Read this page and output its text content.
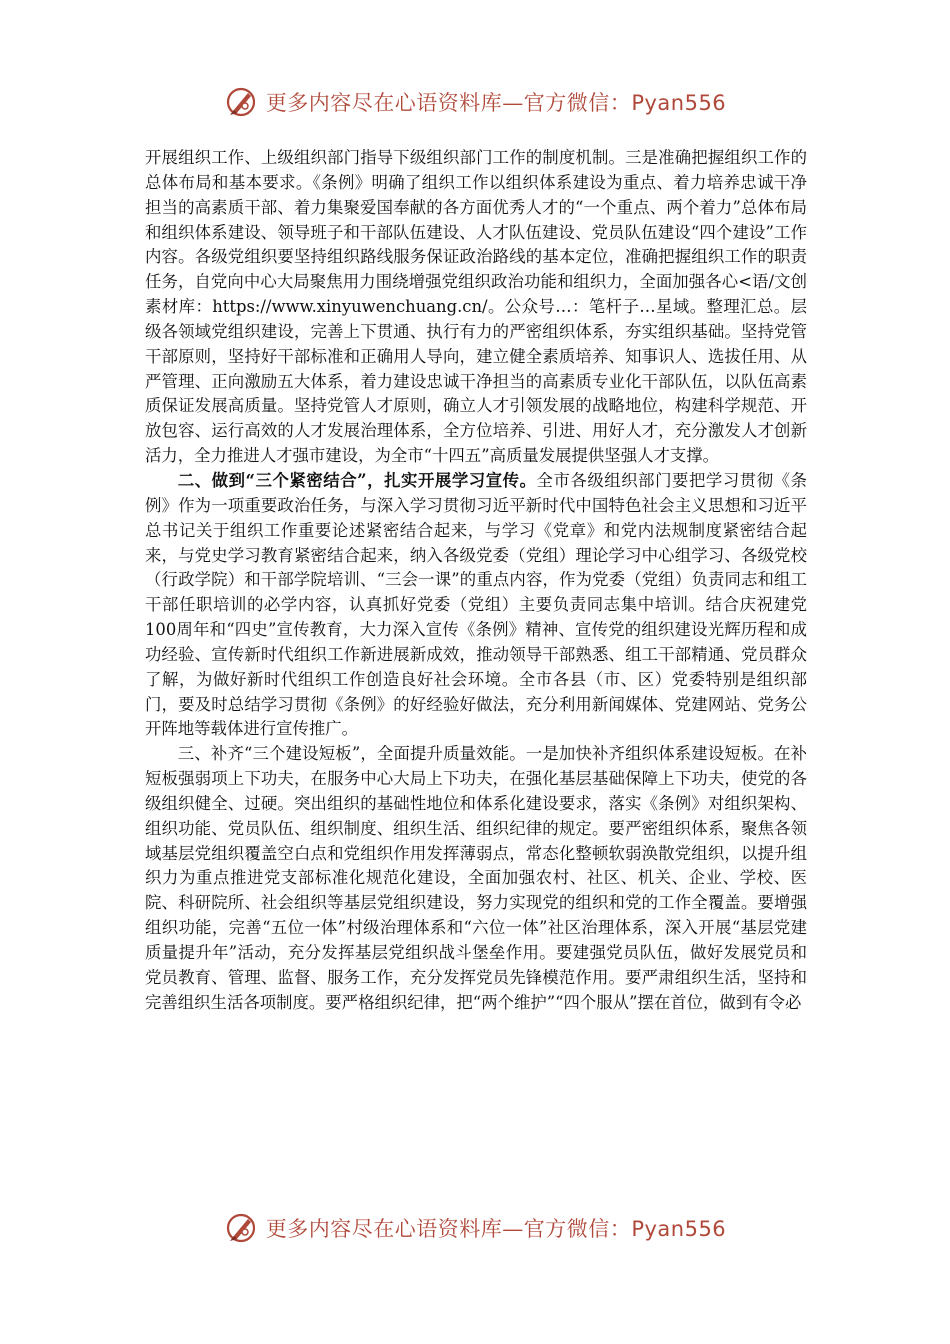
更多内容尽在心语资料库—官方微信：Pyan556

开展组织工作、上级组织部门指导下级组织部门工作的制度机制。三是准确把握组织工作的总体布局和基本要求。《条例》明确了组织工作以组织体系建设为重点、着力培养忠诚干净担当的高素质干部、着力集聚爱国奉献的各方面优秀人才的“一个重点、两个着力”总体布局和组织体系建设、领导班子和干部队伍建设、人才队伍建设、党员队伍建设“四个建设”工作内容。各级党组织要坚持组织路线服务保证政治路线的基本定位，准确把握组织工作的职责任务，自党向中心大局聚焦用力围绕增强党组织政治功能和组织力，全面加强各心<语/文创素材库：https://www.xinyuwenchuang.cn/。公众号…：笔杆子…星域。整理汇总。层级各领域党组织建设，完善上下贯通、执行有力的严密组织体系，夯实组织基础。坚持党管干部原则，坚持好干部标准和正确用人导向，建立健全素质培养、知事识人、选拔任用、从严管理、正向激励五大体系，着力建设忠诚干净担当的高素质专业化干部队伍，以队伍高素质保证发展高质量。坚持党管人才原则，确立人才引领发展的战略地位，构建科学规范、开放包容、运行高效的人才发展治理体系，全方位培养、引进、用好人才，充分激发人才创新活力，全力推进人才强市建设，为全市“十四五”高质量发展提供坚强人才支撑。

二、做到“三个紧密结合”，扎实开展学习宣传。全市各级组织部门要把学习贯彻《条例》作为一项重要政治任务，与深入学习贯彻习近平新时代中国特色社会主义思想和习近平总书记关于组织工作重要论述紧密结合起来，与学习《党章》和党内法规制度紧密结合起来，与党史学习教育紧密结合起来，纳入各级党委（党组）理论学习中心组学习、各级党校（行政学院）和干部学院培训、“三会一课”的重点内容，作为党委（党组）负责同志和组工干部任职培训的必学内容，认真抓好党委（党组）主要负责同志集中培训。结合庆祝建党100周年和“四史”宣传教育，大力深入宣传《条例》精神、宣传党的组织建设光辉历程和成功经验、宣传新时代组织工作新进展新成效，推动领导干部熟悉、组工干部精通、党员群众了解，为做好新时代组织工作创造良好社会环境。全市各县（市、区）党委特别是组织部门，要及时总结学习贯彻《条例》的好经验好做法，充分利用新闻媒体、党建网站、党务公开阵地等载体进行宣传推广。

三、补齐“三个建设短板”，全面提升质量效能。一是加快补齐组织体系建设短板。在补短板强弱项上下功夫，在服务中心大局上下功夫，在强化基层基础保障上下功夫，使党的各级组织健全、过硬。突出组织的基础性地位和体系化建设要求，落实《条例》对组织架构、组织功能、党员队伍、组织制度、组织生活、组织纪律的规定。要严密组织体系，聚焦各领域基层党组织覆盖空白点和党组织作用发挥薄弱点，常态化整顿软弱涣散党组织，以提升组织力为重点推进党支部标准化规范化建设，全面加强农村、社区、机关、企业、学校、医院、科研院所、社会组织等基层党组织建设，努力实现党的组织和党的工作全覆盖。要增强组织功能，完善“五位一体”村级治理体系和“六位一体”社区治理体系，深入开展“基层党建质量提升年”活动，充分发挥基层党组织战斗堡垒作用。要建强党员队伍，做好发展党员和党员教育、管理、监督、服务工作，充分发挥党员先锋模范作用。要严肃组织生活，坚持和完善组织生活各项制度。要严格组织纪律，把“两个维护”“四个服从”摆在首位，做到有令必

更多内容尽在心语资料库—官方微信：Pyan556
